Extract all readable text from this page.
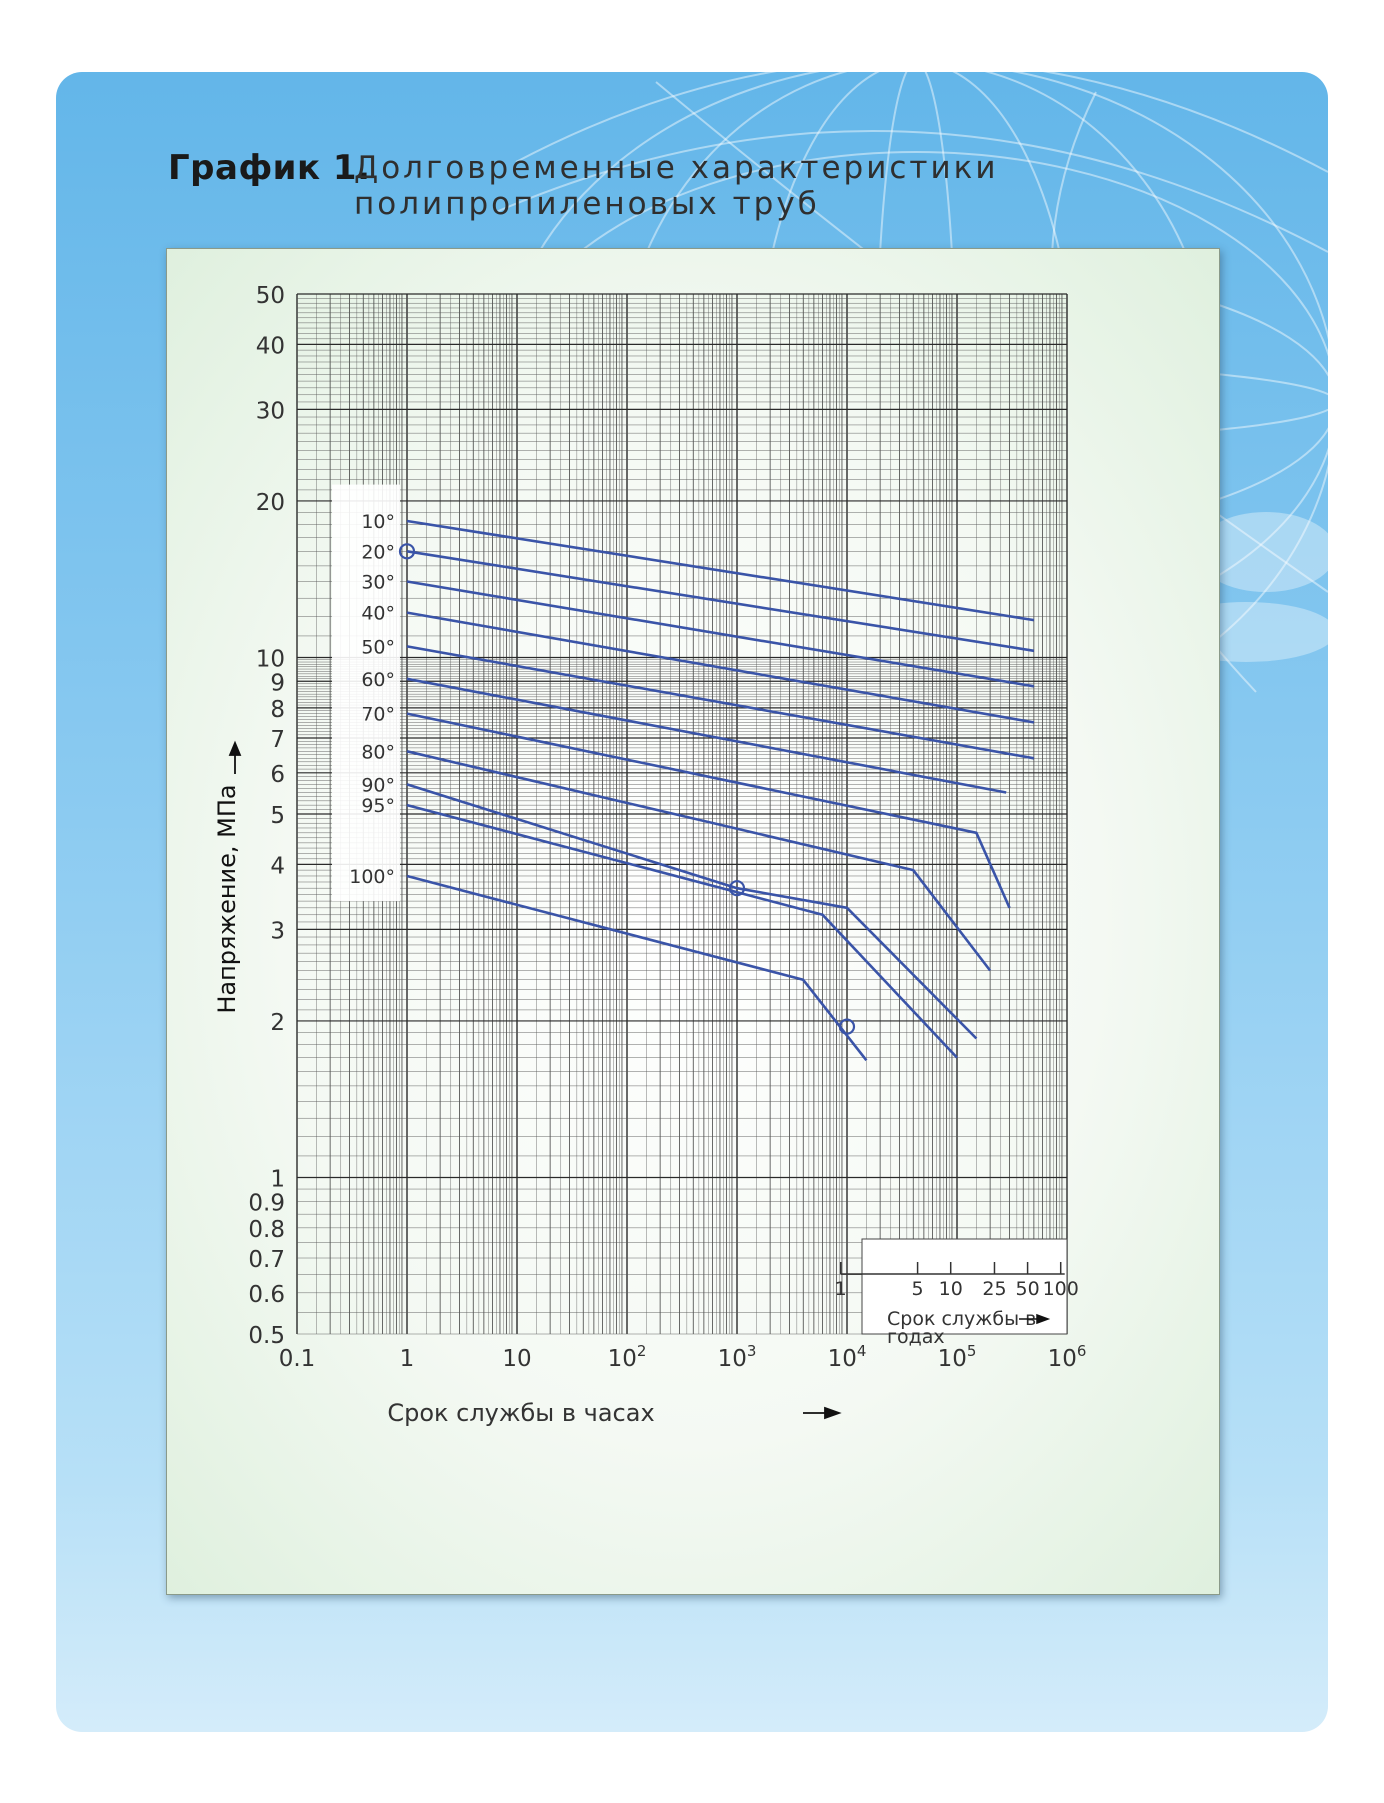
График 1.
Долговременные характеристики
полипропиленовых труб
10°
20°
30°
40°
50°
60°
70°
80°
90°
95°
100°
0.5
0.6
0.7
0.8
0.9
1
2
3
4
5
6
7
8
9
10
20
30
40
50
0.1	1	10	$10^2$	$10^3$	$10^4$	$10^5$	$10^6$
1	5 10 25 50 100
Срок службы в
годах
Напряжение, МПа
Срок службы в часах
